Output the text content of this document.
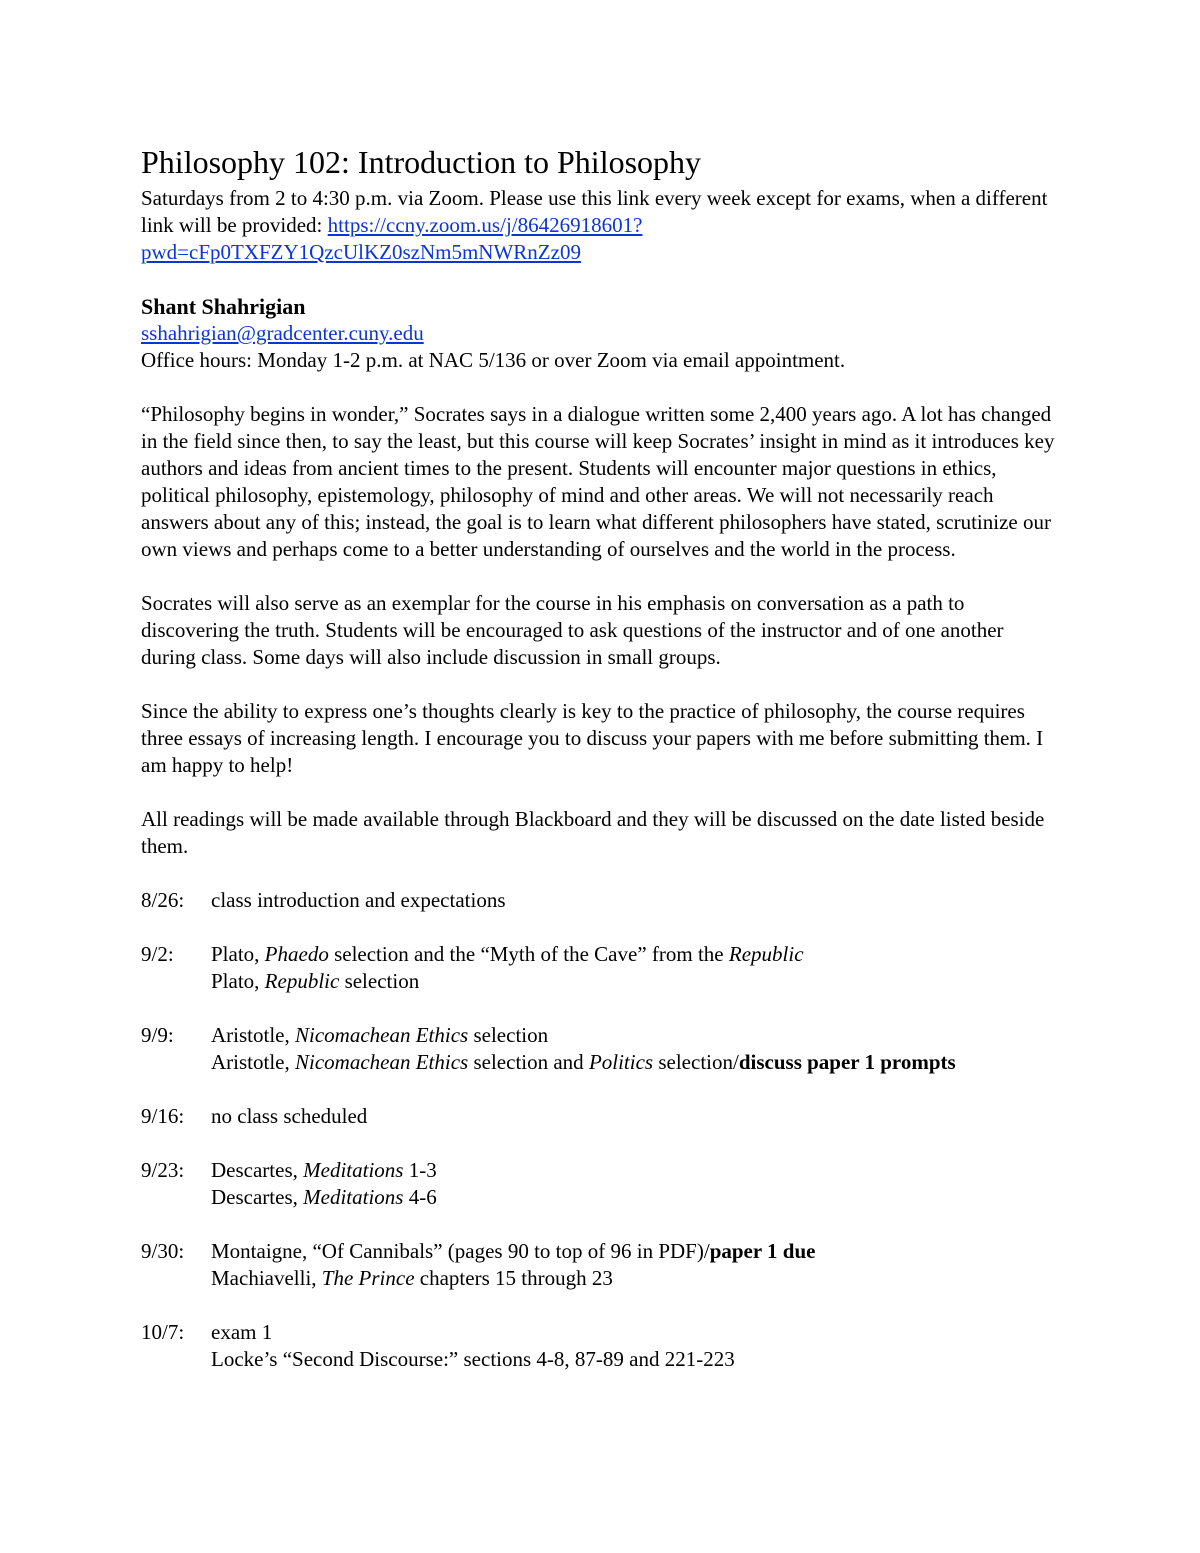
Philosophy 102: Introduction to Philosophy

Saturdays from 2 to 4:30 p.m. via Zoom. Please use this link every week except for exams, when a different link will be provided: https://ccny.zoom.us/j/86426918601?
pwd=cFp0TXFZY1QzcUlKZ0szNm5mNWRnZz09

Shant Shahrigian

sshahrigian@gradcenter.cuny.edu

Office hours: Monday 1-2 p.m. at NAC 5/136 or over Zoom via email appointment.

“Philosophy begins in wonder,” Socrates says in a dialogue written some 2,400 years ago. A lot has changed in the field since then, to say the least, but this course will keep Socrates’ insight in mind as it introduces key authors and ideas from ancient times to the present. Students will encounter major questions in ethics, political philosophy, epistemology, philosophy of mind and other areas. We will not necessarily reach answers about any of this; instead, the goal is to learn what different philosophers have stated, scrutinize our own views and perhaps come to a better understanding of ourselves and the world in the process.

Socrates will also serve as an exemplar for the course in his emphasis on conversation as a path to discovering the truth. Students will be encouraged to ask questions of the instructor and of one another during class. Some days will also include discussion in small groups.

Since the ability to express one’s thoughts clearly is key to the practice of philosophy, the course requires three essays of increasing length. I encourage you to discuss your papers with me before submitting them. I am happy to help!

All readings will be made available through Blackboard and they will be discussed on the date listed beside them.

8/26:	class introduction and expectations
9/2:	Plato, Phaedo selection and the “Myth of the Cave” from the Republic
Plato, Republic selection
9/9:	Aristotle, Nicomachean Ethics selection
Aristotle, Nicomachean Ethics selection and Politics selection/discuss paper 1 prompts
9/16:	no class scheduled
9/23:	Descartes, Meditations 1-3
Descartes, Meditations 4-6
9/30:	Montaigne, “Of Cannibals” (pages 90 to top of 96 in PDF)/paper 1 due
Machiavelli, The Prince chapters 15 through 23
10/7:	exam 1
Locke’s “Second Discourse:” sections 4-8, 87-89 and 221-223
